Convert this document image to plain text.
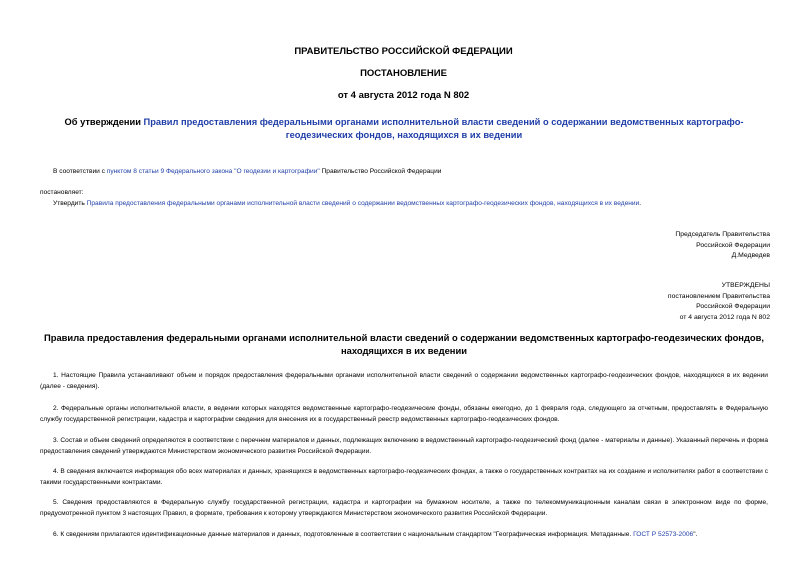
ПРАВИТЕЛЬСТВО РОССИЙСКОЙ ФЕДЕРАЦИИ
ПОСТАНОВЛЕНИЕ
от 4 августа 2012 года N 802
Об утверждении Правил предоставления федеральными органами исполнительной власти сведений о содержании ведомственных картографо-геодезических фондов, находящихся в их ведении
В соответствии с пунктом 8 статьи 9 Федерального закона "О геодезии и картографии" Правительство Российской Федерации
постановляет:
Утвердить Правила предоставления федеральными органами исполнительной власти сведений о содержании ведомственных картографо-геодезических фондов, находящихся в их ведении.
Председатель Правительства
Российской Федерации
Д.Медведев
УТВЕРЖДЕНЫ
постановлением Правительства
Российской Федерации
от 4 августа 2012 года N 802
Правила предоставления федеральными органами исполнительной власти сведений о содержании ведомственных картографо-геодезических фондов, находящихся в их ведении
1. Настоящие Правила устанавливают объем и порядок предоставления федеральными органами исполнительной власти сведений о содержании ведомственных картографо-геодезических фондов, находящихся в их ведении (далее - сведения).
2. Федеральные органы исполнительной власти, в ведении которых находятся ведомственные картографо-геодезические фонды, обязаны ежегодно, до 1 февраля года, следующего за отчетным, предоставлять в Федеральную службу государственной регистрации, кадастра и картографии сведения для внесения их в государственный реестр ведомственных картографо-геодезических фондов.
3. Состав и объем сведений определяются в соответствии с перечнем материалов и данных, подлежащих включению в ведомственный картографо-геодезический фонд (далее - материалы и данные). Указанный перечень и форма предоставления сведений утверждаются Министерством экономического развития Российской Федерации.
4. В сведения включается информация обо всех материалах и данных, хранящихся в ведомственных картографо-геодезических фондах, а также о государственных контрактах на их создание и исполнителях работ в соответствии с такими государственными контрактами.
5. Сведения предоставляются в Федеральную службу государственной регистрации, кадастра и картографии на бумажном носителе, а также по телекоммуникационным каналам связи в электронном виде по форме, предусмотренной пунктом 3 настоящих Правил, в формате, требования к которому утверждаются Министерством экономического развития Российской Федерации.
6. К сведениям прилагаются идентификационные данные материалов и данных, подготовленные в соответствии с национальным стандартом "Географическая информация. Метаданные. ГОСТ Р 52573-2006".
